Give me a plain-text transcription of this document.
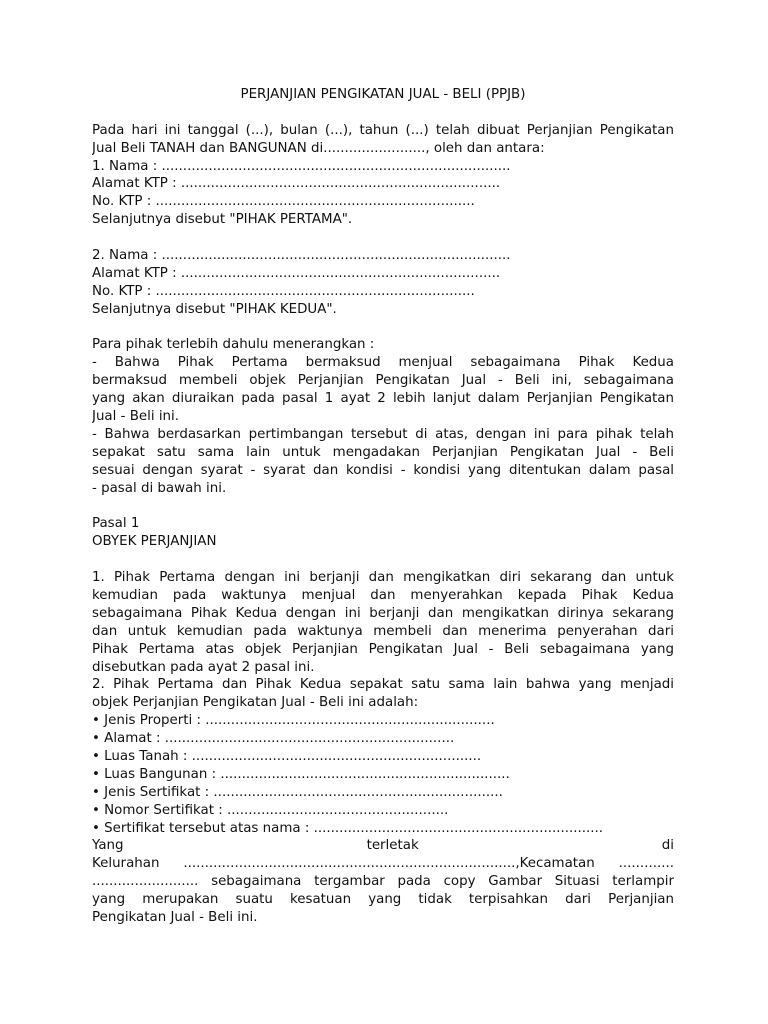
PERJANJIAN PENGIKATAN JUAL - BELI (PPJB)
Pada hari ini tanggal (...), bulan (...), tahun (...) telah dibuat Perjanjian Pengikatan
Jual Beli TANAH dan BANGUNAN di........................, oleh dan antara:
1. Nama : ..................................................................................
Alamat KTP : ...........................................................................
No. KTP : ...........................................................................
Selanjutnya disebut "PIHAK PERTAMA".
2. Nama : ..................................................................................
Alamat KTP : ...........................................................................
No. KTP : ...........................................................................
Selanjutnya disebut "PIHAK KEDUA".
Para pihak terlebih dahulu menerangkan :
- Bahwa Pihak Pertama bermaksud menjual sebagaimana Pihak Kedua
bermaksud membeli objek Perjanjian Pengikatan Jual - Beli ini, sebagaimana
yang akan diuraikan pada pasal 1 ayat 2 lebih lanjut dalam Perjanjian Pengikatan
Jual - Beli ini.
- Bahwa berdasarkan pertimbangan tersebut di atas, dengan ini para pihak telah
sepakat satu sama lain untuk mengadakan Perjanjian Pengikatan Jual - Beli
sesuai dengan syarat - syarat dan kondisi - kondisi yang ditentukan dalam pasal
- pasal di bawah ini.
Pasal 1
OBYEK PERJANJIAN
1. Pihak Pertama dengan ini berjanji dan mengikatkan diri sekarang dan untuk
kemudian pada waktunya menjual dan menyerahkan kepada Pihak Kedua
sebagaimana Pihak Kedua dengan ini berjanji dan mengikatkan dirinya sekarang
dan untuk kemudian pada waktunya membeli dan menerima penyerahan dari
Pihak Pertama atas objek Perjanjian Pengikatan Jual - Beli sebagaimana yang
disebutkan pada ayat 2 pasal ini.
2. Pihak Pertama dan Pihak Kedua sepakat satu sama lain bahwa yang menjadi
objek Perjanjian Pengikatan Jual - Beli ini adalah:
• Jenis Properti : ....................................................................
• Alamat : ....................................................................
• Luas Tanah : ....................................................................
• Luas Bangunan : ....................................................................
• Jenis Sertifikat : ....................................................................
• Nomor Sertifikat : ....................................................
• Sertifikat tersebut atas nama : ....................................................................
Yang terletak di
Kelurahan ..............................................................................,Kecamatan .............
......................... sebagaimana tergambar pada copy Gambar Situasi terlampir
yang merupakan suatu kesatuan yang tidak terpisahkan dari Perjanjian
Pengikatan Jual - Beli ini.
